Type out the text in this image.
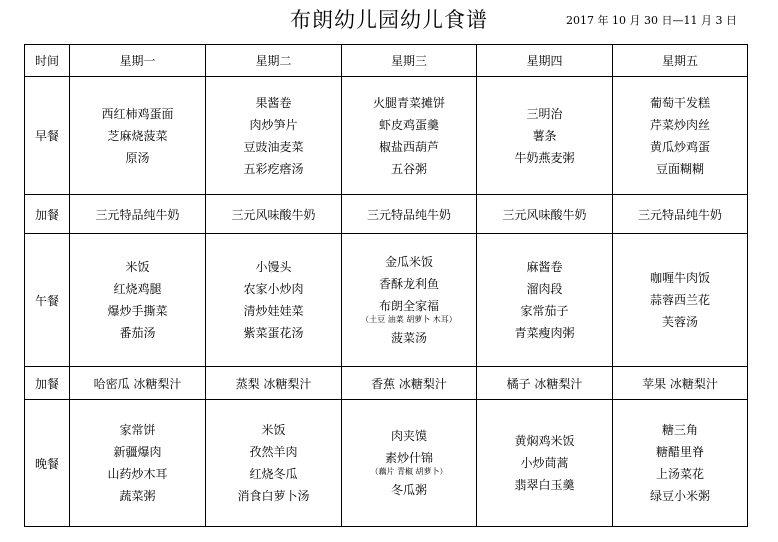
布朗幼儿园幼儿食谱	2017 年 10 月 30 日—11 月 3 日
时间	星期一	星期二	星期三	星期四	星期五
早餐	西红柿鸡蛋面
芝麻烧菠菜
原汤	果酱卷
肉炒笋片
豆豉油麦菜
五彩疙瘩汤	火腿青菜摊饼
虾皮鸡蛋羹
椒盐西葫芦
五谷粥	三明治
薯条
牛奶燕麦粥	葡萄干发糕
芹菜炒肉丝
黄瓜炒鸡蛋
豆面糊糊

加餐	三元特品纯牛奶	三元风味酸牛奶	三元特品纯牛奶	三元风味酸牛奶	三元特品纯牛奶
午餐	米饭
红烧鸡腿
爆炒手撕菜
番茄汤	小馒头
农家小炒肉
清炒娃娃菜
紫菜蛋花汤	金瓜米饭
香酥龙利鱼
布朗全家福
（土豆 油菜 胡萝卜 木耳）
菠菜汤	麻酱卷
溜肉段
家常茄子
青菜瘦肉粥	咖喱牛肉饭
蒜蓉西兰花
芙蓉汤

加餐	哈密瓜 冰糖梨汁	蒸梨 冰糖梨汁	香蕉 冰糖梨汁	橘子 冰糖梨汁	苹果 冰糖梨汁
晚餐	家常饼
新疆爆肉
山药炒木耳
蔬菜粥	米饭
孜然羊肉
红烧冬瓜
消食白萝卜汤	肉夹馍
素炒什锦
（藕片 青椒 胡萝卜）
冬瓜粥	黄焖鸡米饭
小炒茼蒿
翡翠白玉羹	糖三角
糖醋里脊
上汤菜花
绿豆小米粥
